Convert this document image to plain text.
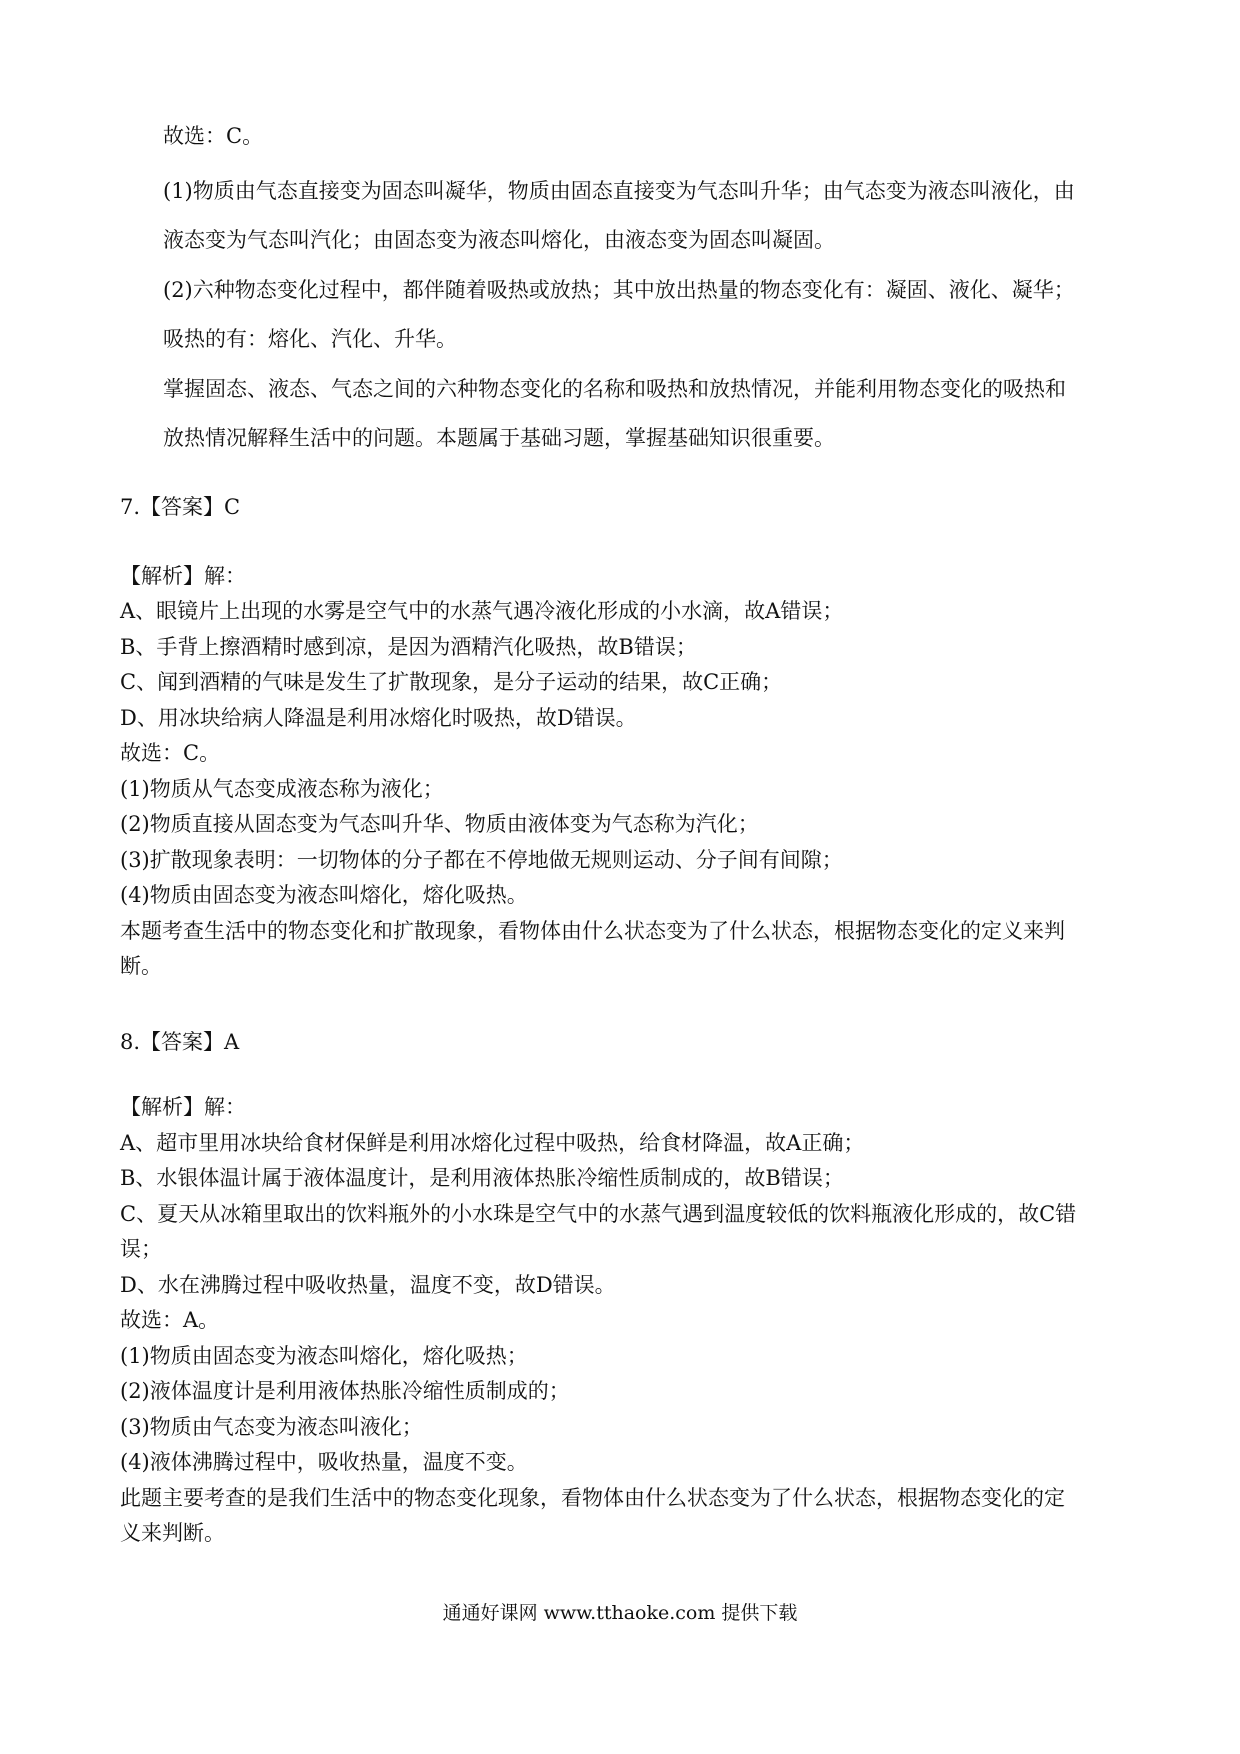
故选：C。
(1)物质由气态直接变为固态叫凝华，物质由固态直接变为气态叫升华；由气态变为液态叫液化，由
液态变为气态叫汽化；由固态变为液态叫熔化，由液态变为固态叫凝固。
(2)六种物态变化过程中，都伴随着吸热或放热；其中放出热量的物态变化有：凝固、液化、凝华；
吸热的有：熔化、汽化、升华。
掌握固态、液态、气态之间的六种物态变化的名称和吸热和放热情况，并能利用物态变化的吸热和
放热情况解释生活中的问题。本题属于基础习题，掌握基础知识很重要。
7.【答案】C
【解析】解：
A、眼镜片上出现的水雾是空气中的水蒸气遇冷液化形成的小水滴，故A错误；
B、手背上擦酒精时感到凉，是因为酒精汽化吸热，故B错误；
C、闻到酒精的气味是发生了扩散现象，是分子运动的结果，故C正确；
D、用冰块给病人降温是利用冰熔化时吸热，故D错误。
故选：C。
(1)物质从气态变成液态称为液化；
(2)物质直接从固态变为气态叫升华、物质由液体变为气态称为汽化；
(3)扩散现象表明：一切物体的分子都在不停地做无规则运动、分子间有间隙；
(4)物质由固态变为液态叫熔化，熔化吸热。
本题考查生活中的物态变化和扩散现象，看物体由什么状态变为了什么状态，根据物态变化的定义来判
断。
8.【答案】A
【解析】解：
A、超市里用冰块给食材保鲜是利用冰熔化过程中吸热，给食材降温，故A正确；
B、水银体温计属于液体温度计，是利用液体热胀冷缩性质制成的，故B错误；
C、夏天从冰箱里取出的饮料瓶外的小水珠是空气中的水蒸气遇到温度较低的饮料瓶液化形成的，故C错
误；
D、水在沸腾过程中吸收热量，温度不变，故D错误。
故选：A。
(1)物质由固态变为液态叫熔化，熔化吸热；
(2)液体温度计是利用液体热胀冷缩性质制成的；
(3)物质由气态变为液态叫液化；
(4)液体沸腾过程中，吸收热量，温度不变。
此题主要考查的是我们生活中的物态变化现象，看物体由什么状态变为了什么状态，根据物态变化的定
义来判断。
通通好课网 www.tthaoke.com 提供下载
